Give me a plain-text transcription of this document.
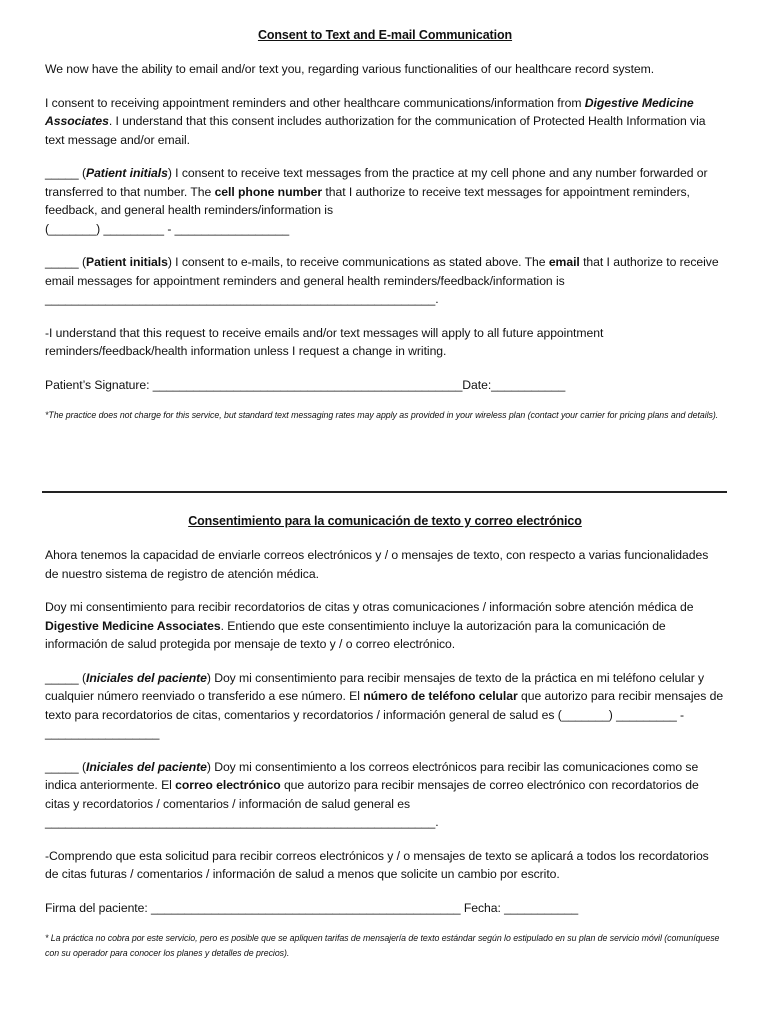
Consent to Text and E-mail Communication

We now have the ability to email and/or text you, regarding various functionalities of our healthcare record system.

I consent to receiving appointment reminders and other healthcare communications/information from Digestive Medicine Associates. I understand that this consent includes authorization for the communication of Protected Health Information via text message and/or email.

_____ (Patient initials) I consent to receive text messages from the practice at my cell phone and any number forwarded or transferred to that number. The cell phone number that I authorize to receive text messages for appointment reminders, feedback, and general health reminders/information is
(_______) _________ - _________________

_____ (Patient initials) I consent to e-mails, to receive communications as stated above. The email that I authorize to receive email messages for appointment reminders and general health reminders/feedback/information is
__________________________________________________________.

-I understand that this request to receive emails and/or text messages will apply to all future appointment reminders/feedback/health information unless I request a change in writing.

Patient’s Signature: ______________________________________________Date:___________

*The practice does not charge for this service, but standard text messaging rates may apply as provided in your wireless plan (contact your carrier for pricing plans and details).

Consentimiento para la comunicación de texto y correo electrónico

Ahora tenemos la capacidad de enviarle correos electrónicos y / o mensajes de texto, con respecto a varias funcionalidades de nuestro sistema de registro de atención médica.

Doy mi consentimiento para recibir recordatorios de citas y otras comunicaciones / información sobre atención médica de Digestive Medicine Associates. Entiendo que este consentimiento incluye la autorización para la comunicación de información de salud protegida por mensaje de texto y / o correo electrónico.

_____ (Iniciales del paciente) Doy mi consentimiento para recibir mensajes de texto de la práctica en mi teléfono celular y cualquier número reenviado o transferido a ese número. El número de teléfono celular que autorizo para recibir mensajes de texto para recordatorios de citas, comentarios y recordatorios / información general de salud es (_______) _________ - _________________

_____ (Iniciales del paciente) Doy mi consentimiento a los correos electrónicos para recibir las comunicaciones como se indica anteriormente. El correo electrónico que autorizo para recibir mensajes de correo electrónico con recordatorios de citas y recordatorios / comentarios / información de salud general es
__________________________________________________________.

-Comprendo que esta solicitud para recibir correos electrónicos y / o mensajes de texto se aplicará a todos los recordatorios de citas futuras / comentarios / información de salud a menos que solicite un cambio por escrito.

Firma del paciente: ______________________________________________ Fecha: ___________

* La práctica no cobra por este servicio, pero es posible que se apliquen tarifas de mensajería de texto estándar según lo estipulado en su plan de servicio móvil (comuníquese con su operador para conocer los planes y detalles de precios).
